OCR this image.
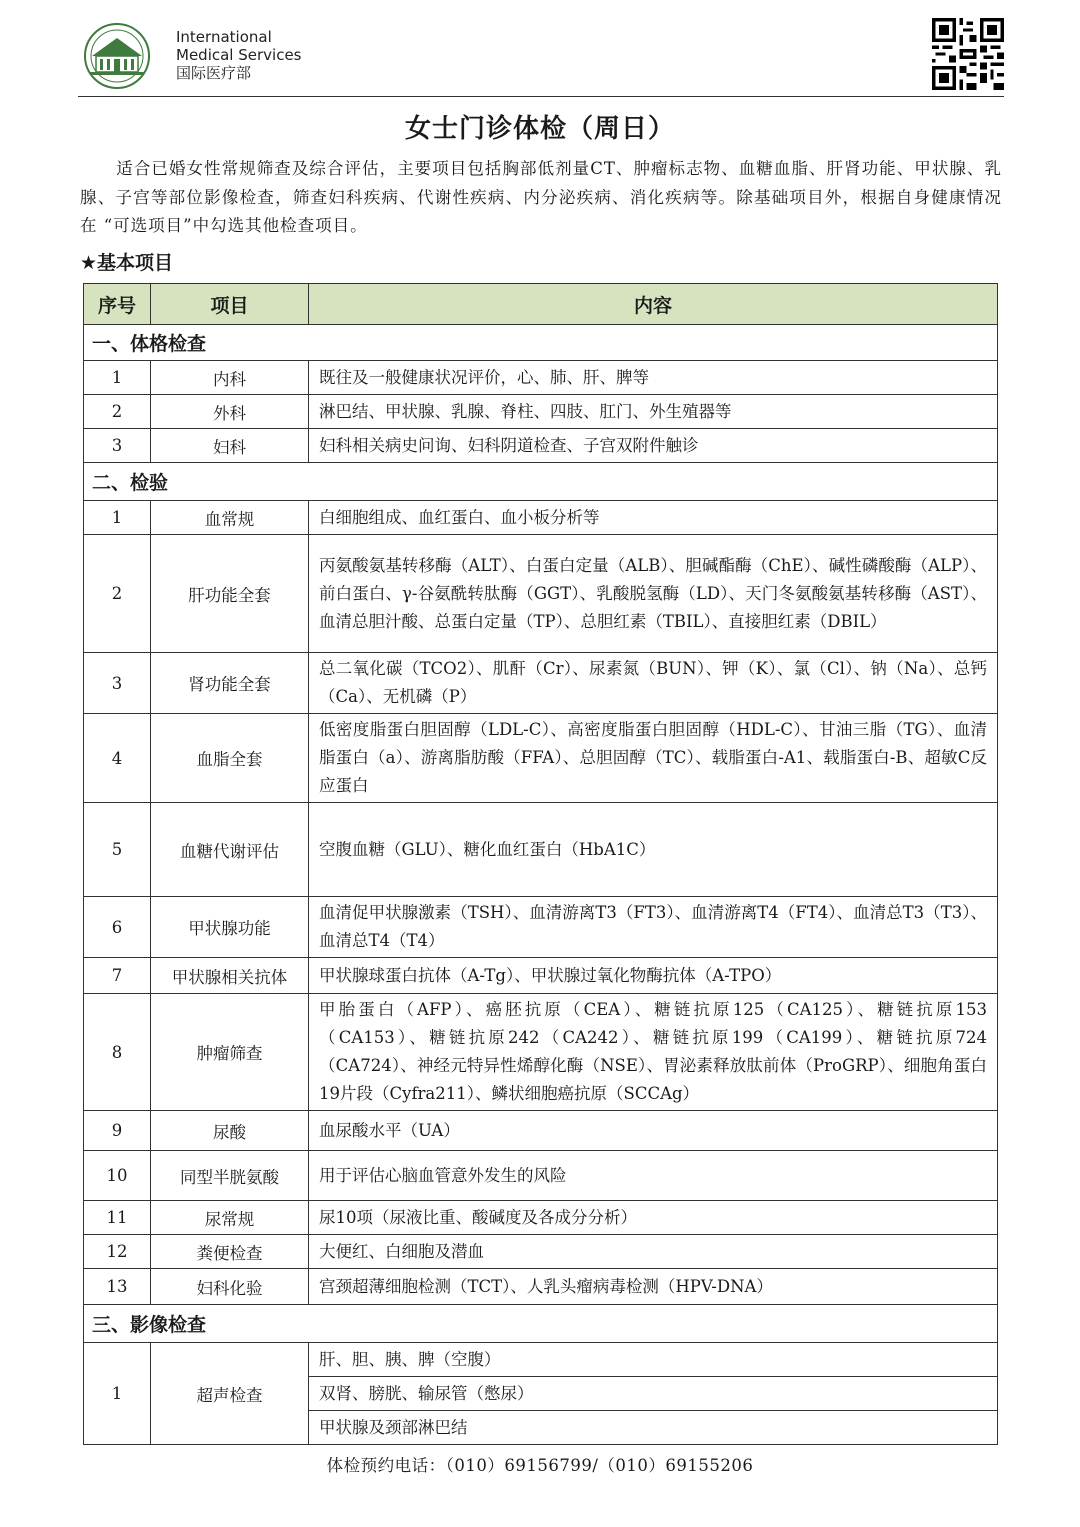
International
Medical Services
国际医疗部
女士门诊体检（周日）
适合已婚女性常规筛查及综合评估，主要项目包括胸部低剂量CT、肿瘤标志物、血糖血脂、肝肾功能、甲状腺、乳腺、子宫等部位影像检查，筛查妇科疾病、代谢性疾病、内分泌疾病、消化疾病等。除基础项目外，根据自身健康情况在 “可选项目”中勾选其他检查项目。
★基本项目
序号	项目	内容
一、体格检查		
1	内科	既往及一般健康状况评价，心、肺、肝、脾等
2	外科	淋巴结、甲状腺、乳腺、脊柱、四肢、肛门、外生殖器等
3	妇科	妇科相关病史问询、妇科阴道检查、子宫双附件触诊
二、检验		
1	血常规	白细胞组成、血红蛋白、血小板分析等
2	肝功能全套	丙氨酸氨基转移酶（ALT）、白蛋白定量（ALB）、胆碱酯酶（ChE）、碱性磷酸酶（ALP）、前白蛋白、γ-谷氨酰转肽酶（GGT）、乳酸脱氢酶（LD）、天门冬氨酸氨基转移酶（AST）、血清总胆汁酸、总蛋白定量（TP）、总胆红素（TBIL）、直接胆红素（DBIL）
3	肾功能全套	总二氧化碳（TCO2）、肌酐（Cr）、尿素氮（BUN）、钾（K）、氯（Cl）、钠（Na）、总钙（Ca）、无机磷（P）
4	血脂全套	低密度脂蛋白胆固醇（LDL-C）、高密度脂蛋白胆固醇（HDL-C）、甘油三脂（TG）、血清脂蛋白（a）、游离脂肪酸（FFA）、总胆固醇（TC）、载脂蛋白-A1、载脂蛋白-B、超敏C反应蛋白
5	血糖代谢评估	空腹血糖（GLU）、糖化血红蛋白（HbA1C）
6	甲状腺功能	血清促甲状腺激素（TSH）、血清游离T3（FT3）、血清游离T4（FT4）、血清总T3（T3）、血清总T4（T4）
7	甲状腺相关抗体	甲状腺球蛋白抗体（A-Tg）、甲状腺过氧化物酶抗体（A-TPO）
8	肿瘤筛查	甲胎蛋白（AFP）、癌胚抗原（CEA）、糖链抗原125（CA125）、糖链抗原153（CA153）、糖链抗原242（CA242）、糖链抗原199（CA199）、糖链抗原724（CA724）、神经元特异性烯醇化酶（NSE）、胃泌素释放肽前体（ProGRP）、细胞角蛋白19片段（Cyfra211）、鳞状细胞癌抗原（SCCAg）
9	尿酸	血尿酸水平（UA）
10	同型半胱氨酸	用于评估心脑血管意外发生的风险
11	尿常规	尿10项（尿液比重、酸碱度及各成分分析）
12	粪便检查	大便红、白细胞及潜血
13	妇科化验	宫颈超薄细胞检测（TCT）、人乳头瘤病毒检测（HPV-DNA）
三、影像检查		
1	超声检查	肝、胆、胰、脾（空腹）
		双肾、膀胱、输尿管（憋尿）
		甲状腺及颈部淋巴结
体检预约电话：（010）69156799/（010）69155206
